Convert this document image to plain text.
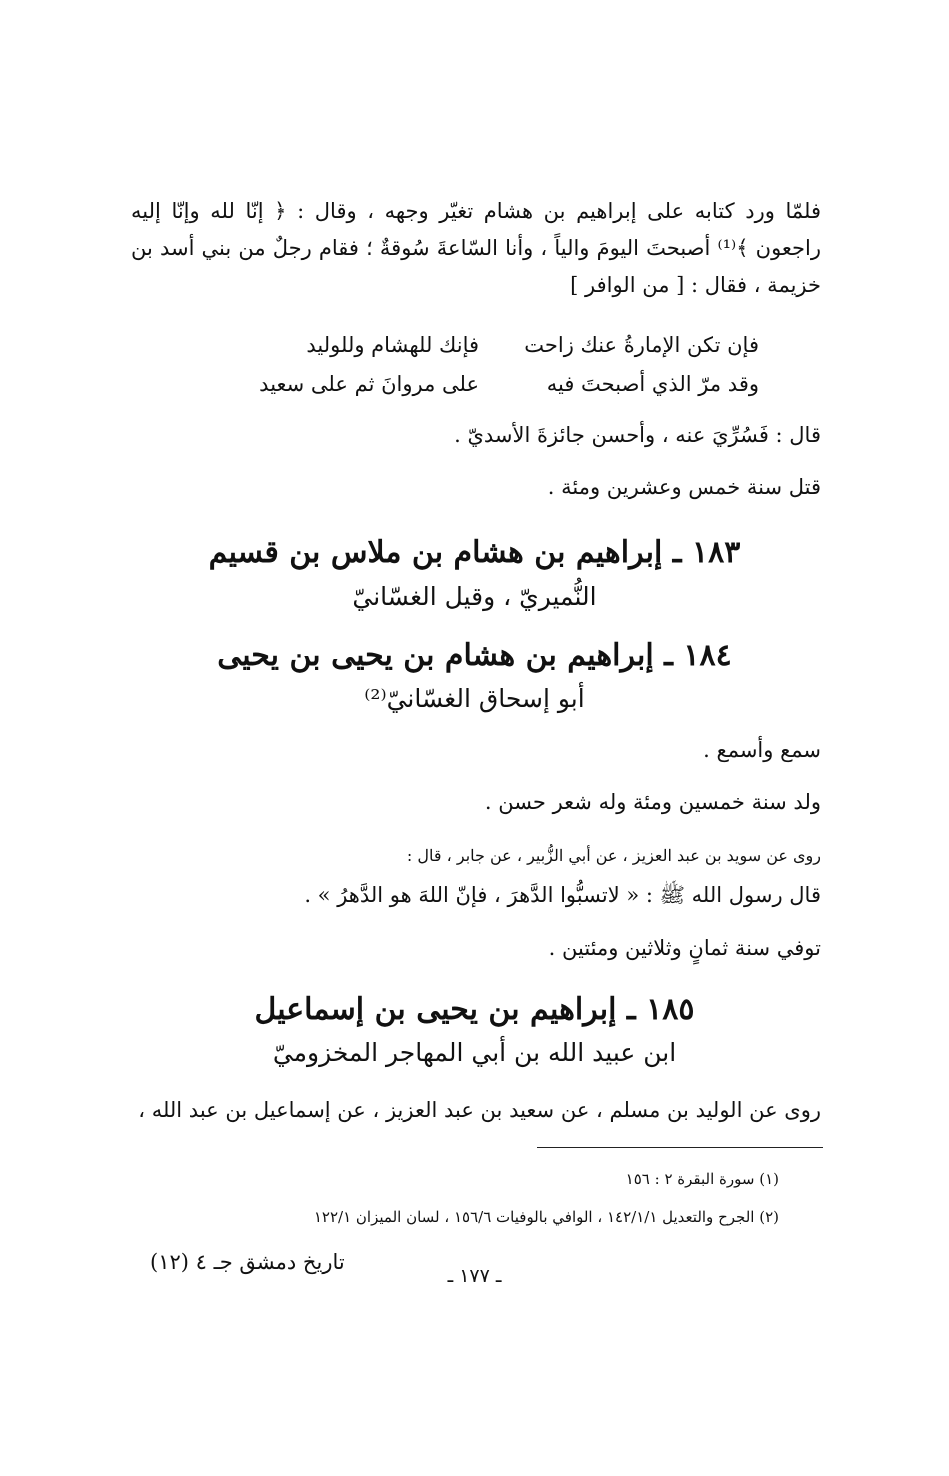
فلمّا ورد كتابه على إبراهيم بن هشام تغيّر وجهه ، وقال : ﴿ إنّا لله وإنّا إليه راجعون ﴾⁽¹⁾ أصبحتَ اليومَ والياً ، وأنا السّاعةَ سُوقةٌ ؛ فقام رجلٌ من بني أسد بن خزيمة ، فقال : [ من الوافر ]
فإن تكن الإمارةُ عنك زاحت
فإنك للهشام وللوليد
وقد مرّ الذي أصبحتَ فيه
على مروانَ ثم على سعيد
قال : فَسُرِّيَ عنه ، وأحسن جائزةَ الأسديّ .
قتل سنة خمس وعشرين ومئة .
١٨٣ ـ إبراهيم بن هشام بن ملاس بن قسيم
النُّميريّ ، وقيل الغسّانيّ
١٨٤ ـ إبراهيم بن هشام بن يحيى بن يحيى
أبو إسحاق الغسّانيّ⁽²⁾
سمع وأسمع .
ولد سنة خمسين ومئة وله شعر حسن .
روى عن سويد بن عبد العزيز ، عن أبي الزُّبير ، عن جابر ، قال :
قال رسول الله ﷺ : « لاتسبُّوا الدَّهرَ ، فإنّ اللهَ هو الدَّهرُ » .
توفي سنة ثمانٍ وثلاثين ومئتين .
١٨٥ ـ إبراهيم بن يحيى بن إسماعيل
ابن عبيد الله بن أبي المهاجر المخزوميّ
روى عن الوليد بن مسلم ، عن سعيد بن عبد العزيز ، عن إسماعيل بن عبد الله ،
(١) سورة البقرة ٢ : ١٥٦
(٢) الجرح والتعديل ١٤٢/١/١ ، الوافي بالوفيات ١٥٦/٦ ، لسان الميزان ١٢٢/١
تاريخ دمشق جـ ٤ (١٢)
ـ ١٧٧ ـ
